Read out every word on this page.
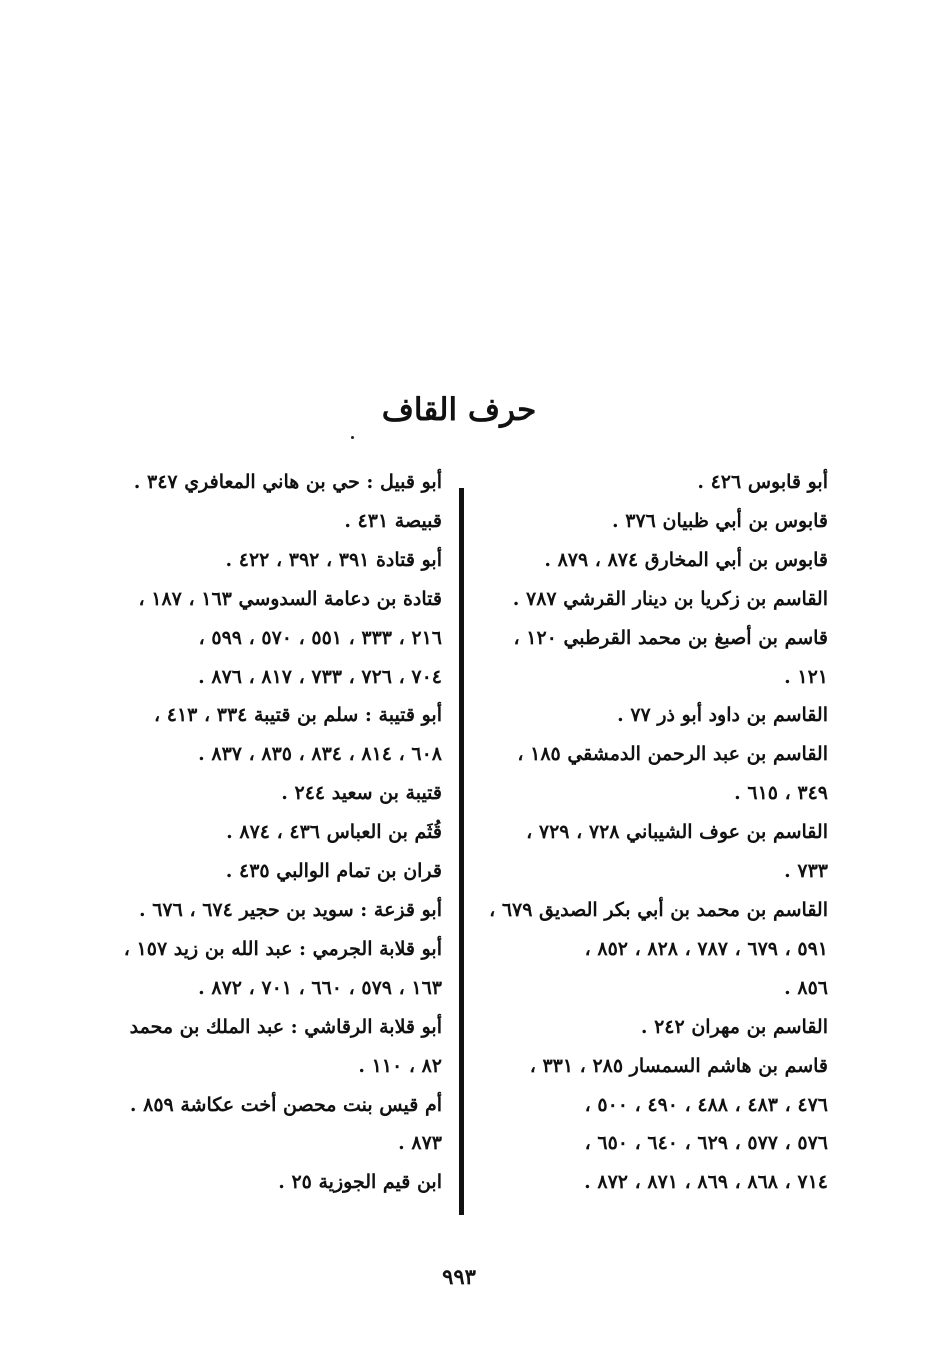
حرف القاف
أبو قابوس ٤٢٦ .
قابوس بن أبي ظبيان ٣٧٦ .
قابوس بن أبي المخارق ٨٧٤ ، ٨٧٩ .
القاسم بن زكريا بن دينار القرشي ٧٨٧ .
قاسم بن أصبغ بن محمد القرطبي ١٢٠ ،
١٢١ .
القاسم بن داود أبو ذر ٧٧ .
القاسم بن عبد الرحمن الدمشقي ١٨٥ ،
٣٤٩ ، ٦١٥ .
القاسم بن عوف الشيباني ٧٢٨ ، ٧٢٩ ،
٧٣٣ .
القاسم بن محمد بن أبي بكر الصديق ٦٧٩ ،
٥٩١ ، ٦٧٩ ، ٧٨٧ ، ٨٢٨ ، ٨٥٢ ،
٨٥٦ .
القاسم بن مهران ٢٤٢ .
قاسم بن هاشم السمسار ٢٨٥ ، ٣٣١ ،
٤٧٦ ، ٤٨٣ ، ٤٨٨ ، ٤٩٠ ، ٥٠٠ ،
٥٧٦ ، ٥٧٧ ، ٦٢٩ ، ٦٤٠ ، ٦٥٠ ،
٧١٤ ، ٨٦٨ ، ٨٦٩ ، ٨٧١ ، ٨٧٢ .
أبو قبيل : حي بن هاني المعافري ٣٤٧ .
قبيصة ٤٣١ .
أبو قتادة ٣٩١ ، ٣٩٢ ، ٤٢٢ .
قتادة بن دعامة السدوسي ١٦٣ ، ١٨٧ ،
٢١٦ ، ٣٣٣ ، ٥٥١ ، ٥٧٠ ، ٥٩٩ ،
٧٠٤ ، ٧٢٦ ، ٧٣٣ ، ٨١٧ ، ٨٧٦ .
أبو قتيبة : سلم بن قتيبة ٣٣٤ ، ٤١٣ ،
٦٠٨ ، ٨١٤ ، ٨٣٤ ، ٨٣٥ ، ٨٣٧ .
قتيبة بن سعيد ٢٤٤ .
قُثَم بن العباس ٤٣٦ ، ٨٧٤ .
قران بن تمام الوالبي ٤٣٥ .
أبو قزعة : سويد بن حجير ٦٧٤ ، ٦٧٦ .
أبو قلابة الجرمي : عبد الله بن زيد ١٥٧ ،
١٦٣ ، ٥٧٩ ، ٦٦٠ ، ٧٠١ ، ٨٧٢ .
أبو قلابة الرقاشي : عبد الملك بن محمد
٨٢ ، ١١٠ .
أم قيس بنت محصن أخت عكاشة ٨٥٩ .
٨٧٣ .
ابن قيم الجوزية ٢٥ .
٩٩٣
